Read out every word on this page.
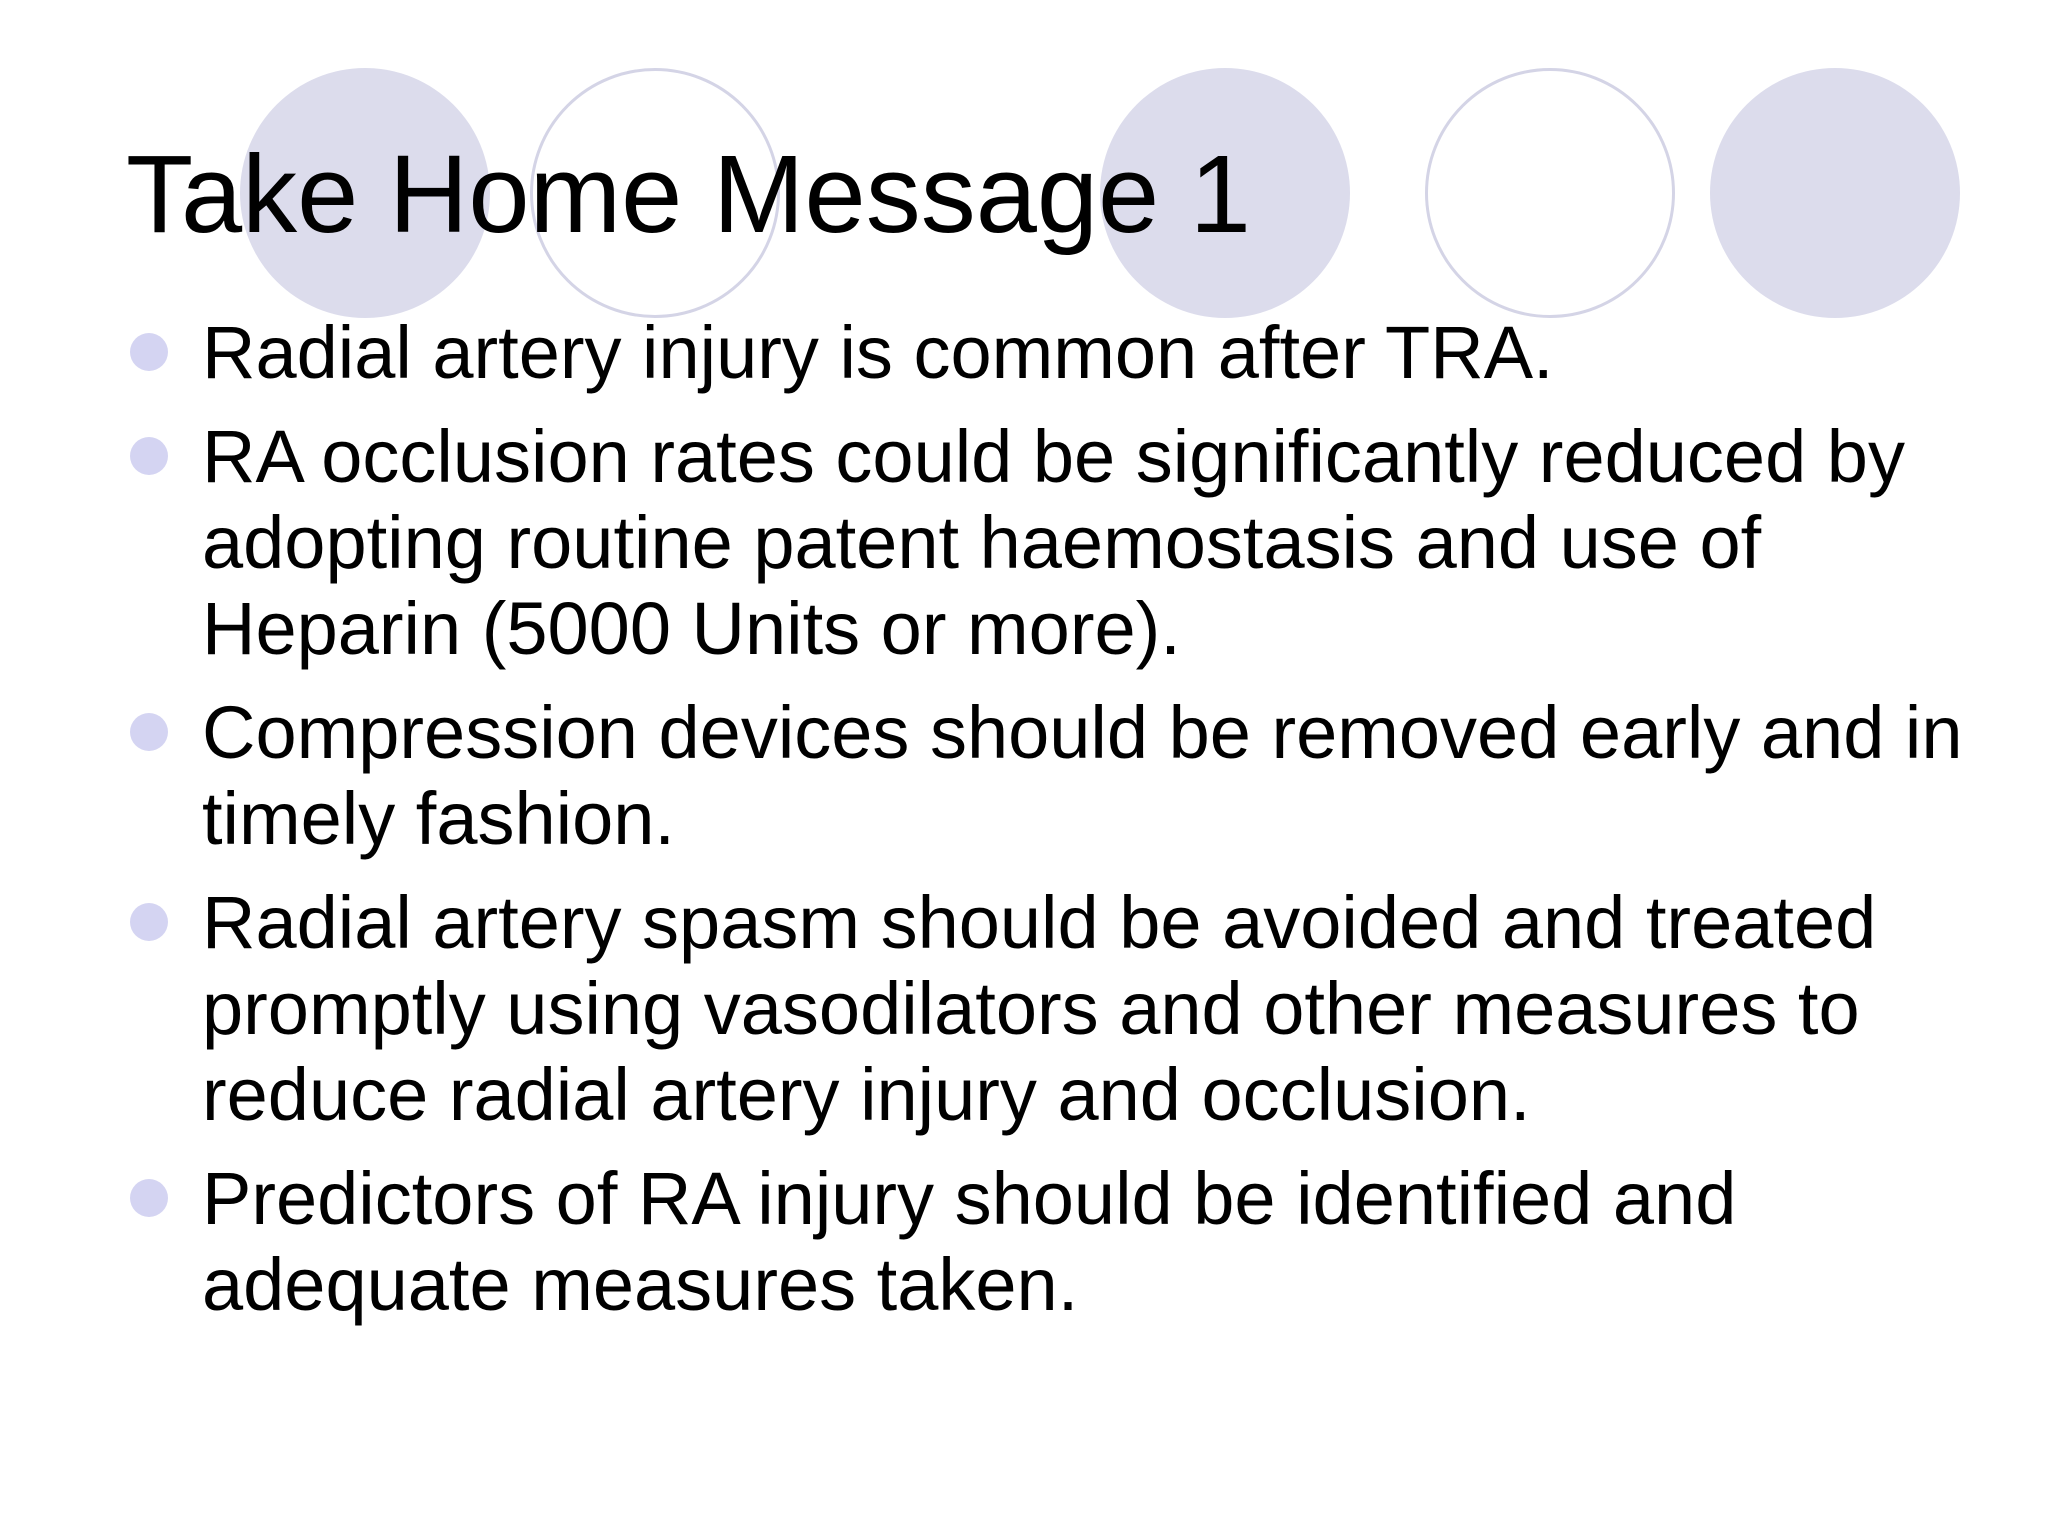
Take Home Message 1
Radial artery injury is common after TRA.
RA occlusion rates could be significantly reduced by adopting routine patent haemostasis and use of Heparin (5000 Units or more).
Compression devices should be removed early and in timely fashion.
Radial artery spasm should be avoided and treated promptly using vasodilators and other measures to reduce radial artery injury and occlusion.
Predictors of RA injury should be identified and adequate measures taken.
